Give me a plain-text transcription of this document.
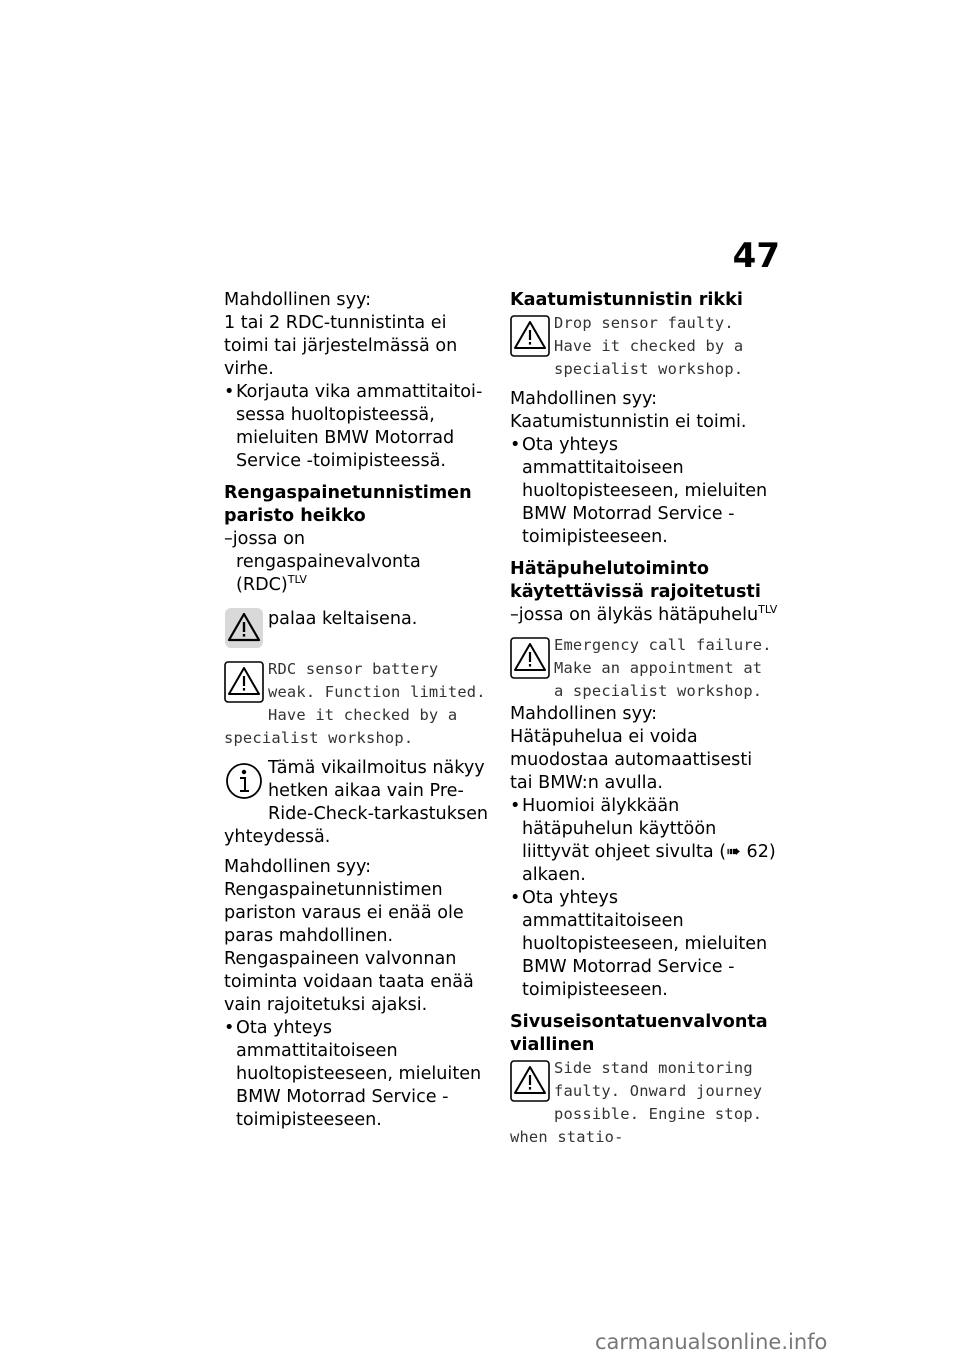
47

Mahdollinen syy:

1 tai 2 RDC-tunnistinta ei toimi tai järjestelmässä on virhe.

• Korjauta vika ammattitaitoi-sessa huoltopisteessä, mieluiten BMW Motorrad Service -toimipisteessä.

Rengaspainetunnistimen paristo heikko

–jossa on rengaspainevalvonta (RDC)$^{TLV}$

palaa keltaisena.

RDC sensor battery weak. Function limited. Have it checked by a specialist workshop.

Tämä vikailmoitus näkyy hetken aikaa vain Pre-Ride-Check-tarkastuksen yhteydessä.

Mahdollinen syy:

Rengaspainetunnistimen pariston varaus ei enää ole paras mahdollinen. Rengaspaineen valvonnan toiminta voidaan taata enää vain rajoitetuksi ajaksi.

• Ota yhteys ammattitaitoiseen huoltopisteeseen, mieluiten BMW Motorrad Service -toimipisteeseen.

Kaatumistunnistin rikki

Drop sensor faulty. Have it checked by a specialist workshop.

Mahdollinen syy:

Kaatumistunnistin ei toimi.

• Ota yhteys ammattitaitoiseen huoltopisteeseen, mieluiten BMW Motorrad Service -toimipisteeseen.

Hätäpuhelutoiminto käytettävissä rajoitetusti

–jossa on älykäs hätäpuhelu$^{TLV}$

Emergency call failure. Make an appointment at a specialist workshop.

Mahdollinen syy:

Hätäpuhelua ei voida muodostaa automaattisesti tai BMW:n avulla.

• Huomioi älykkään hätäpuhelun käyttöön liittyvät ohjeet sivulta (➠ 62) alkaen.

• Ota yhteys ammattitaitoiseen huoltopisteeseen, mieluiten BMW Motorrad Service -toimipisteeseen.

Sivuseisontatuenvalvonta viallinen

Side stand monitoring faulty. Onward journey possible. Engine stop. when statio-

carmanualsonline.info
